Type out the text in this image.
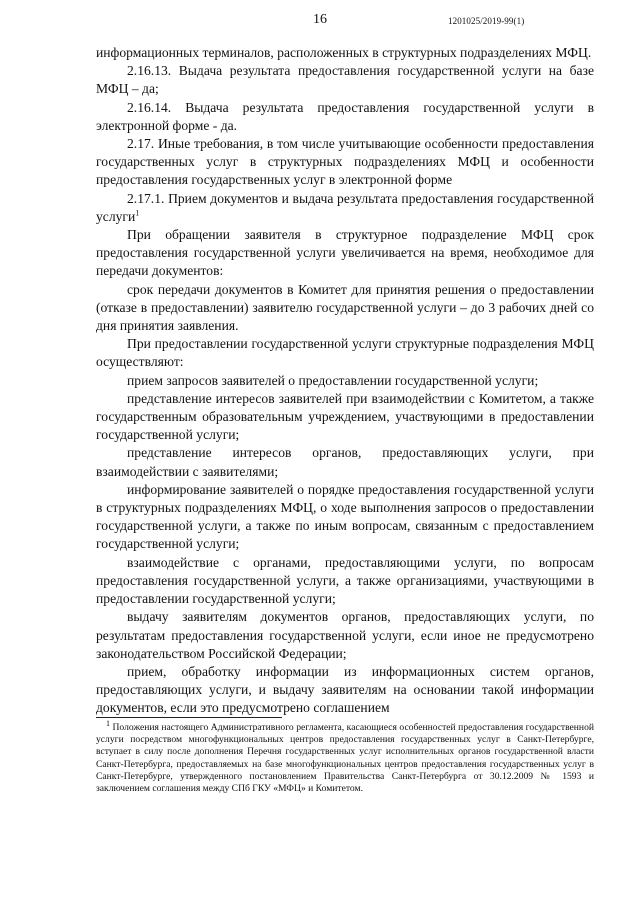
16	1201025/2019-99(1)

информационных терминалов, расположенных в структурных подразделениях МФЦ.

2.16.13. Выдача результата предоставления государственной услуги на базе МФЦ – да;

2.16.14. Выдача результата предоставления государственной услуги в электронной форме - да.

2.17. Иные требования, в том числе учитывающие особенности предоставления государственных услуг в структурных подразделениях МФЦ и особенности предоставления государственных услуг в электронной форме

2.17.1. Прием документов и выдача результата предоставления государственной услуги$^1$

При обращении заявителя в структурное подразделение МФЦ срок предоставления государственной услуги увеличивается на время, необходимое для передачи документов:

срок передачи документов в Комитет для принятия решения о предоставлении (отказе в предоставлении) заявителю государственной услуги – до 3 рабочих дней со дня принятия заявления.

При предоставлении государственной услуги структурные подразделения МФЦ осуществляют:

прием запросов заявителей о предоставлении государственной услуги;

представление интересов заявителей при взаимодействии с Комитетом, а также государственным образовательным учреждением, участвующими в предоставлении государственной услуги;

представление интересов органов, предоставляющих услуги, при взаимодействии с заявителями;

информирование заявителей о порядке предоставления государственной услуги в структурных подразделениях МФЦ, о ходе выполнения запросов о предоставлении государственной услуги, а также по иным вопросам, связанным с предоставлением государственной услуги;

взаимодействие с органами, предоставляющими услуги, по вопросам предоставления государственной услуги, а также организациями, участвующими в предоставлении государственной услуги;

выдачу заявителям документов органов, предоставляющих услуги, по результатам предоставления государственной услуги, если иное не предусмотрено законодательством Российской Федерации;

прием, обработку информации из информационных систем органов, предоставляющих услуги, и выдачу заявителям на основании такой информации документов, если это предусмотрено соглашением

$^1$ Положения настоящего Административного регламента, касающиеся особенностей предоставления государственной услуги посредством многофункциональных центров предоставления государственных услуг в Санкт-Петербурге, вступает в силу после дополнения Перечня государственных услуг исполнительных органов государственной власти Санкт-Петербурга, предоставляемых на базе многофункциональных центров предоставления государственных услуг в Санкт-Петербурге, утвержденного постановлением Правительства Санкт-Петербурга от 30.12.2009 № 1593 и заключением соглашения между СПб ГКУ «МФЦ» и Комитетом.
